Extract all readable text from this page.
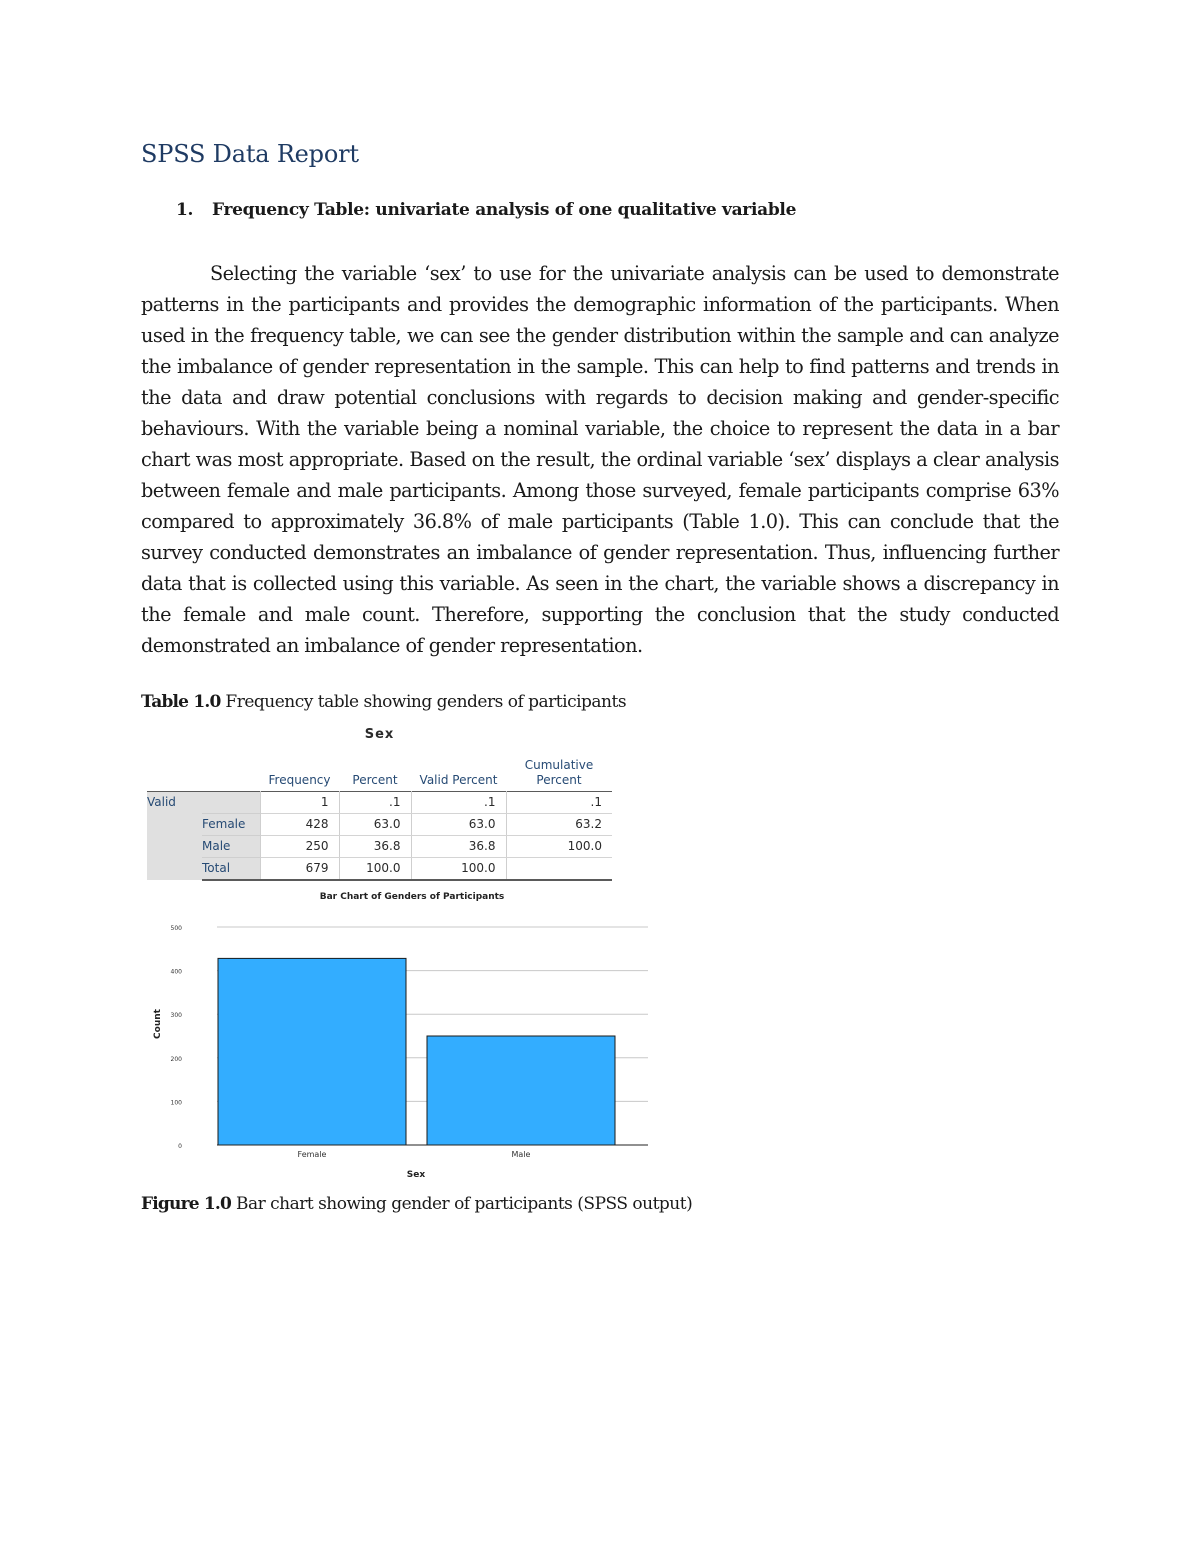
SPSS Data Report
1. Frequency Table: univariate analysis of one qualitative variable

Selecting the variable ‘sex’ to use for the univariate analysis can be used to demonstrate patterns in the participants and provides the demographic information of the participants. When used in the frequency table, we can see the gender distribution within the sample and can analyze the imbalance of gender representation in the sample. This can help to find patterns and trends in the data and draw potential conclusions with regards to decision making and gender-specific behaviours. With the variable being a nominal variable, the choice to represent the data in a bar chart was most appropriate. Based on the result, the ordinal variable ‘sex’ displays a clear analysis between female and male participants. Among those surveyed, female participants comprise 63% compared to approximately 36.8% of male participants (Table 1.0). This can conclude that the survey conducted demonstrates an imbalance of gender representation. Thus, influencing further data that is collected using this variable. As seen in the chart, the variable shows a discrepancy in the female and male count. Therefore, supporting the conclusion that the study conducted demonstrated an imbalance of gender representation.

Table 1.0 Frequency table showing genders of participants

Sex
		Frequency	Percent	Valid Percent	Cumulative Percent
Valid		1	.1	.1	.1
	Female	428	63.0	63.0	63.2
	Male	250	36.8	36.8	100.0
	Total	679	100.0	100.0	
Bar Chart of Genders of Participants
0
100
200
300
400
500
Female	Male
Count
Sex

Figure 1.0 Bar chart showing gender of participants (SPSS output)
